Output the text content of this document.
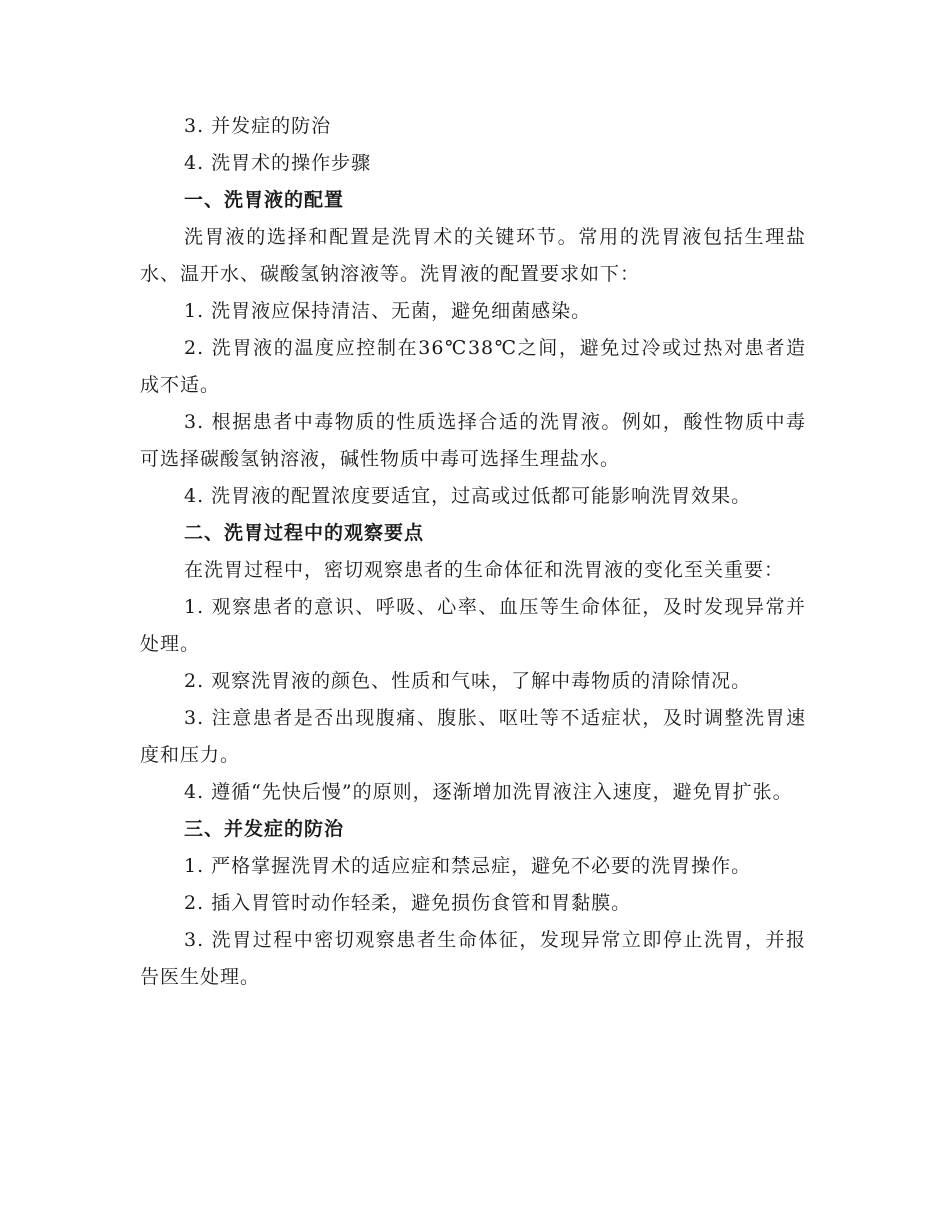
3. 并发症的防治

4. 洗胃术的操作步骤

一、洗胃液的配置

洗胃液的选择和配置是洗胃术的关键环节。常用的洗胃液包括生理盐水、温开水、碳酸氢钠溶液等。洗胃液的配置要求如下：

1. 洗胃液应保持清洁、无菌，避免细菌感染。

2. 洗胃液的温度应控制在36℃38℃之间，避免过冷或过热对患者造成不适。

3. 根据患者中毒物质的性质选择合适的洗胃液。例如，酸性物质中毒可选择碳酸氢钠溶液，碱性物质中毒可选择生理盐水。

4. 洗胃液的配置浓度要适宜，过高或过低都可能影响洗胃效果。

二、洗胃过程中的观察要点

在洗胃过程中，密切观察患者的生命体征和洗胃液的变化至关重要：

1. 观察患者的意识、呼吸、心率、血压等生命体征，及时发现异常并处理。

2. 观察洗胃液的颜色、性质和气味，了解中毒物质的清除情况。

3. 注意患者是否出现腹痛、腹胀、呕吐等不适症状，及时调整洗胃速度和压力。

4. 遵循“先快后慢”的原则，逐渐增加洗胃液注入速度，避免胃扩张。

三、并发症的防治

1. 严格掌握洗胃术的适应症和禁忌症，避免不必要的洗胃操作。

2. 插入胃管时动作轻柔，避免损伤食管和胃黏膜。

3. 洗胃过程中密切观察患者生命体征，发现异常立即停止洗胃，并报告医生处理。
